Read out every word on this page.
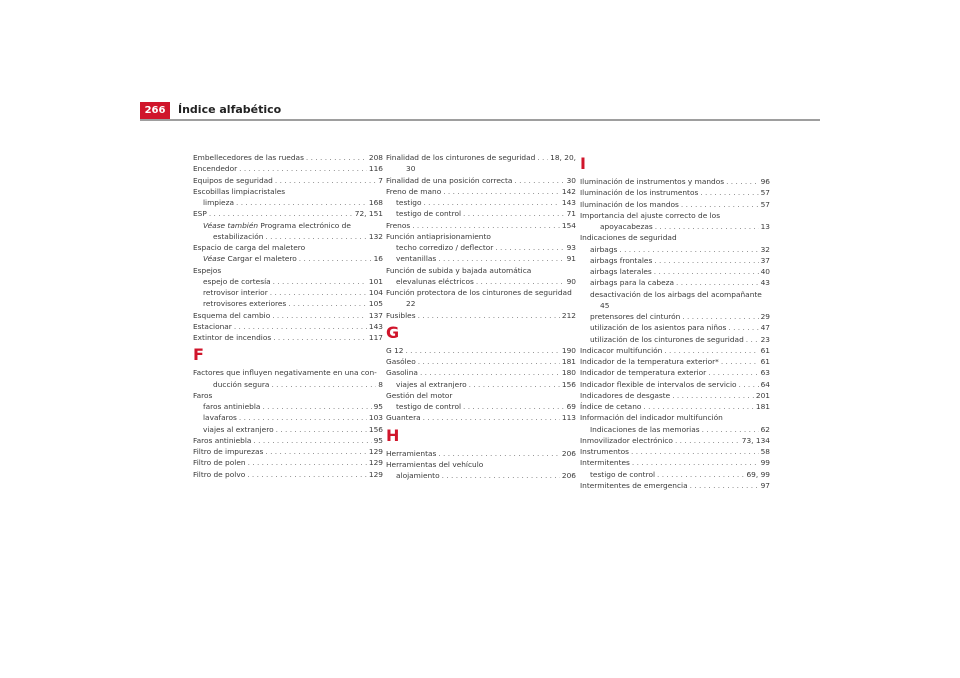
266	Índice alfabético
Embellecedores de las ruedas . . .	208
Encendedor . . .	116
Equipos de seguridad . . .	7
Escobillas limpiacristales
limpieza . . .	168
ESP . . .	72, 151
Véase también Programa electrónico de
estabilización . . .	132
Espacio de carga del maletero
Véase
Cargar el maletero . . .	16
Espejos
espejo de cortesía . . .	101
retrovisor interior . . .	104
retrovisores exteriores . . .	105
Esquema del cambio . . .	137
Estacionar . . .	143
Extintor de incendios . . .	117
F
Factores que influyen negativamente en una con-
ducción segura . . .	8
Faros
faros antiniebla . . .	95
lavafaros . . .	103
viajes al extranjero . . .	156
Faros antiniebla . . .	95
Filtro de impurezas . . .	129
Filtro de polen . . .	129
Filtro de polvo . . .	129
Finalidad de los cinturones de seguridad . . . 18, 20,
30
Finalidad de una posición correcta . . .	30
Freno de mano . . .	142
testigo . . .	143
testigo de control . . .	71
Frenos . . .	154
Función antiaprisionamiento
techo corredizo / deflector . . .	93
ventanillas . . .	91
Función de subida y bajada automática
elevalunas eléctricos . . .	90
Función protectora de los cinturones de seguridad
22
Fusibles . . .	212
G
G 12 . . .	190
Gasóleo . . .	181
Gasolina . . .	180
viajes al extranjero . . .	156
Gestión del motor
testigo de control . . .	69
Guantera . . .	113
H
Herramientas . . .	206
Herramientas del vehículo
alojamiento . . .	206
I
Iluminación de instrumentos y mandos . . .	96
Iluminación de los instrumentos . . .	57
Iluminación de los mandos . . .	57
Importancia del ajuste correcto de los
apoyacabezas . . .	13
Indicaciones de seguridad
airbags . . .	32
airbags frontales . . .	37
airbags laterales . . .	40
airbags para la cabeza . . .	43
desactivación de los airbags del acompañante
45
pretensores del cinturón . . .	29
utilización de los asientos para niños . . .	47
utilización de los cinturones de seguridad . . . 23
Indicacor multifunción . . .	61
Indicador de la temperatura exterior* . . .	61
Indicador de temperatura exterior . . .	63
Indicador flexible de intervalos de servicio . . .	64
Indicadores de desgaste . . .	201
Índice de cetano . . .	181
Información del indicador multifunción
Indicaciones de las memorias . . .	62
Inmovilizador electrónico . . .	73, 134
Instrumentos . . .	58
Intermitentes . . .	99
testigo de control . . .	69, 99
Intermitentes de emergencia . . .	97
